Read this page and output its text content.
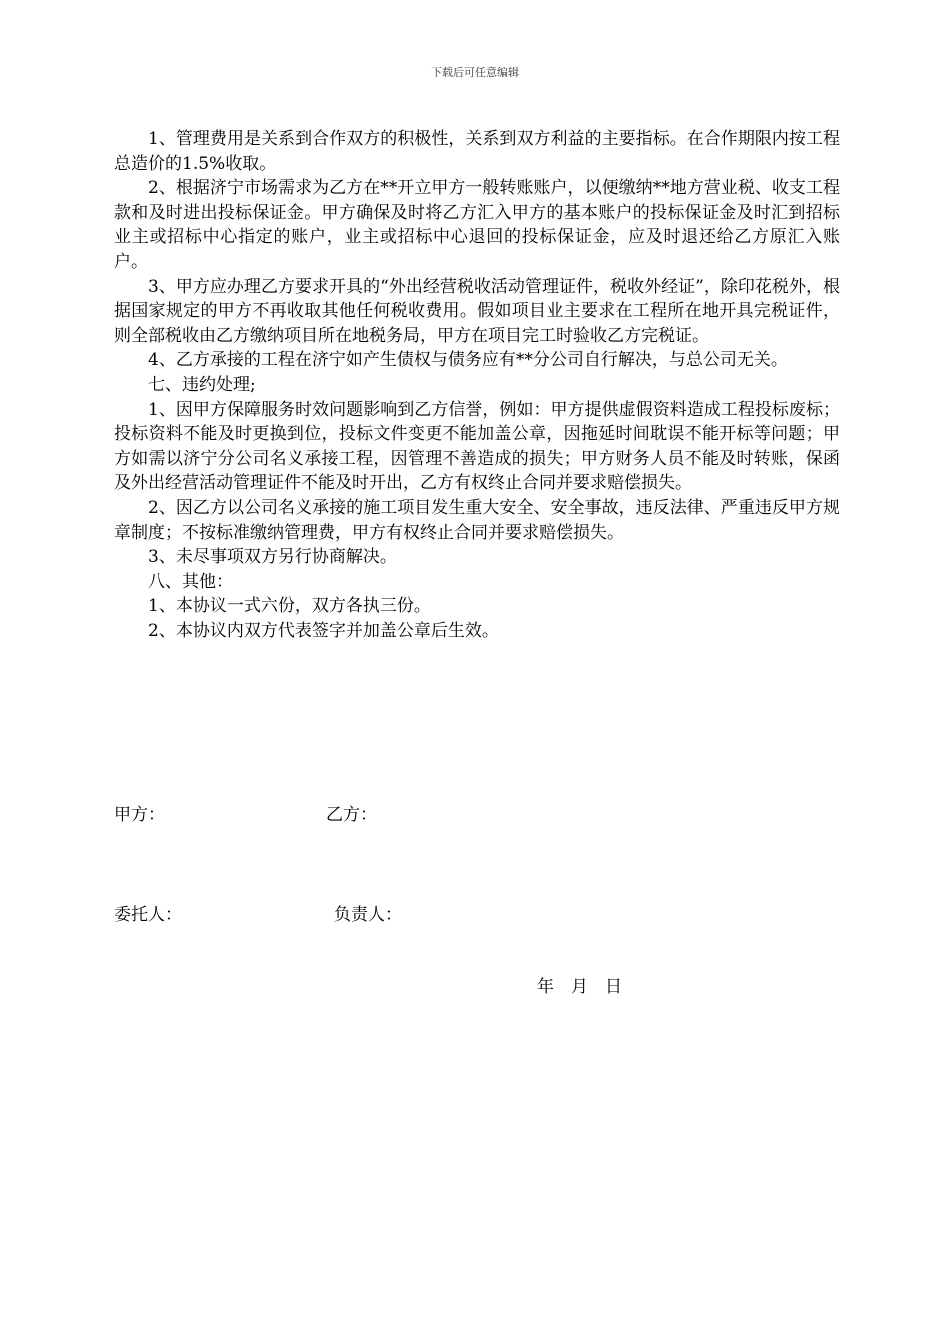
下载后可任意编辑

1、管理费用是关系到合作双方的积极性，关系到双方利益的主要指标。在合作期限内按工程总造价的1.5%收取。

2、根据济宁市场需求为乙方在**开立甲方一般转账账户，以便缴纳**地方营业税、收支工程款和及时进出投标保证金。甲方确保及时将乙方汇入甲方的基本账户的投标保证金及时汇到招标业主或招标中心指定的账户，业主或招标中心退回的投标保证金，应及时退还给乙方原汇入账户。

3、甲方应办理乙方要求开具的“外出经营税收活动管理证件，税收外经证”，除印花税外，根据国家规定的甲方不再收取其他任何税收费用。假如项目业主要求在工程所在地开具完税证件，则全部税收由乙方缴纳项目所在地税务局，甲方在项目完工时验收乙方完税证。

4、乙方承接的工程在济宁如产生债权与债务应有**分公司自行解决，与总公司无关。

七、违约处理;

1、因甲方保障服务时效问题影响到乙方信誉，例如：甲方提供虚假资料造成工程投标废标；投标资料不能及时更换到位，投标文件变更不能加盖公章，因拖延时间耽误不能开标等问题；甲方如需以济宁分公司名义承接工程，因管理不善造成的损失；甲方财务人员不能及时转账，保函及外出经营活动管理证件不能及时开出，乙方有权终止合同并要求赔偿损失。

2、因乙方以公司名义承接的施工项目发生重大安全、安全事故，违反法律、严重违反甲方规章制度；不按标准缴纳管理费，甲方有权终止合同并要求赔偿损失。

3、未尽事项双方另行协商解决。

八、其他：

1、本协议一式六份，双方各执三份。

2、本协议内双方代表签字并加盖公章后生效。

甲方：	乙方：
委托人：	负责人：
年　月　日
